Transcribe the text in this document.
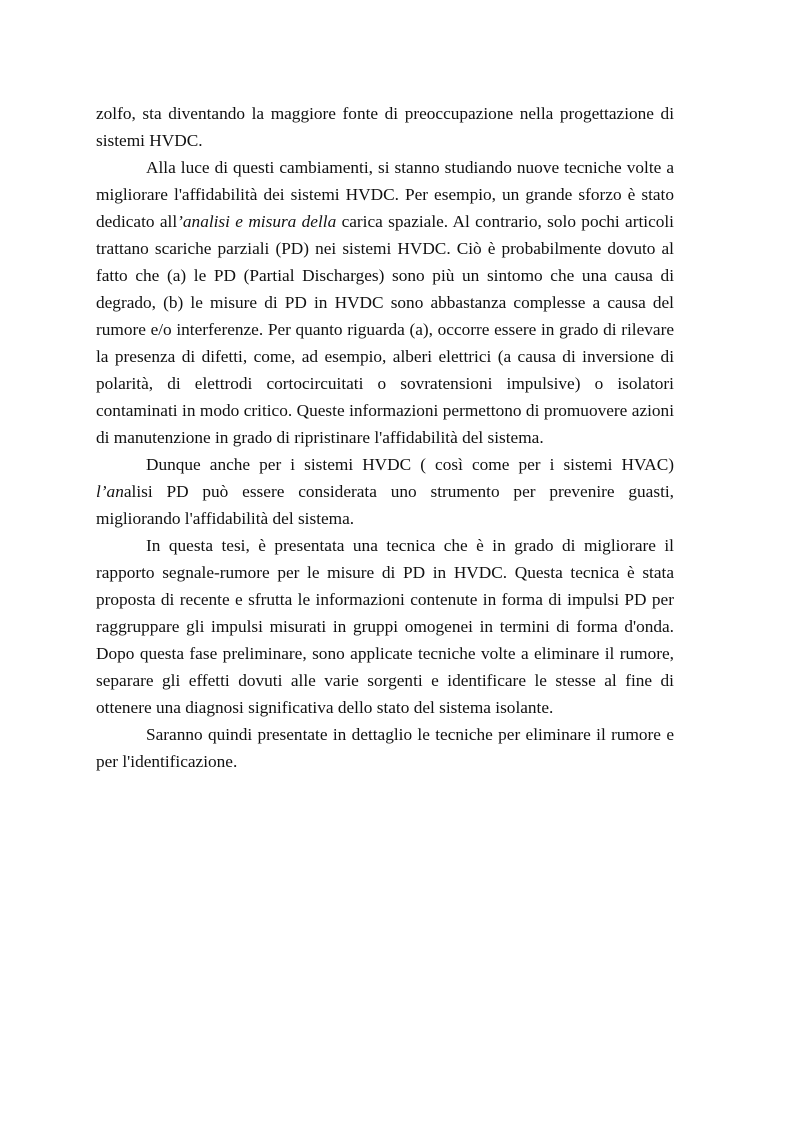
zolfo, sta diventando la maggiore fonte di preoccupazione nella progettazione di sistemi HVDC.

Alla luce di questi cambiamenti, si stanno studiando nuove tecniche volte a migliorare l'affidabilità dei sistemi HVDC. Per esempio, un grande sforzo è stato dedicato all’analisi e misura della carica spaziale. Al contrario, solo pochi articoli trattano scariche parziali (PD) nei sistemi HVDC. Ciò è probabilmente dovuto al fatto che (a) le PD (Partial Discharges) sono più un sintomo che una causa di degrado, (b) le misure di PD in HVDC sono abbastanza complesse a causa del rumore e/o interferenze. Per quanto riguarda (a), occorre essere in grado di rilevare la presenza di difetti, come, ad esempio, alberi elettrici (a causa di inversione di polarità, di elettrodi cortocircuitati o sovratensioni impulsive) o isolatori contaminati in modo critico. Queste informazioni permettono di promuovere azioni di manutenzione in grado di ripristinare l'affidabilità del sistema.

Dunque anche per i sistemi HVDC ( così come per i sistemi HVAC) l’analisi PD può essere considerata uno strumento per prevenire guasti, migliorando l'affidabilità del sistema.

In questa tesi, è presentata una tecnica che è in grado di migliorare il rapporto segnale-rumore per le misure di PD in HVDC. Questa tecnica è stata proposta di recente e sfrutta le informazioni contenute in forma di impulsi PD per raggruppare gli impulsi misurati in gruppi omogenei in termini di forma d'onda. Dopo questa fase preliminare, sono applicate tecniche volte a eliminare il rumore, separare gli effetti dovuti alle varie sorgenti e identificare le stesse al fine di ottenere una diagnosi significativa dello stato del sistema isolante.

Saranno quindi presentate in dettaglio le tecniche per eliminare il rumore e per l'identificazione.
